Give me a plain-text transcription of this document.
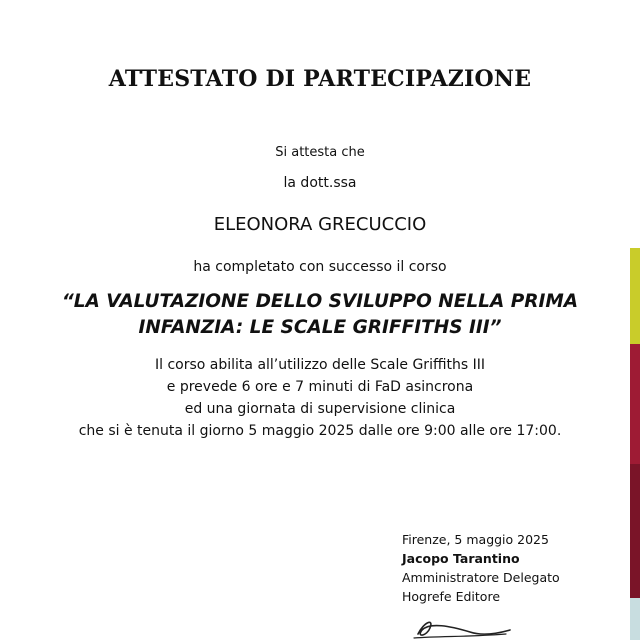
ATTESTATO DI PARTECIPAZIONE
Si attesta che
la dott.ssa
ELEONORA GRECUCCIO
ha completato con successo il corso
“LA VALUTAZIONE DELLO SVILUPPO NELLA PRIMA
INFANZIA: LE SCALE GRIFFITHS III”
Il corso abilita all’utilizzo delle Scale Griffiths III
e prevede 6 ore e 7 minuti di FaD asincrona
ed una giornata di supervisione clinica
che si è tenuta il giorno 5 maggio 2025 dalle ore 9:00 alle ore 17:00.
Firenze, 5 maggio 2025
Jacopo Tarantino
Amministratore Delegato
Hogrefe Editore
